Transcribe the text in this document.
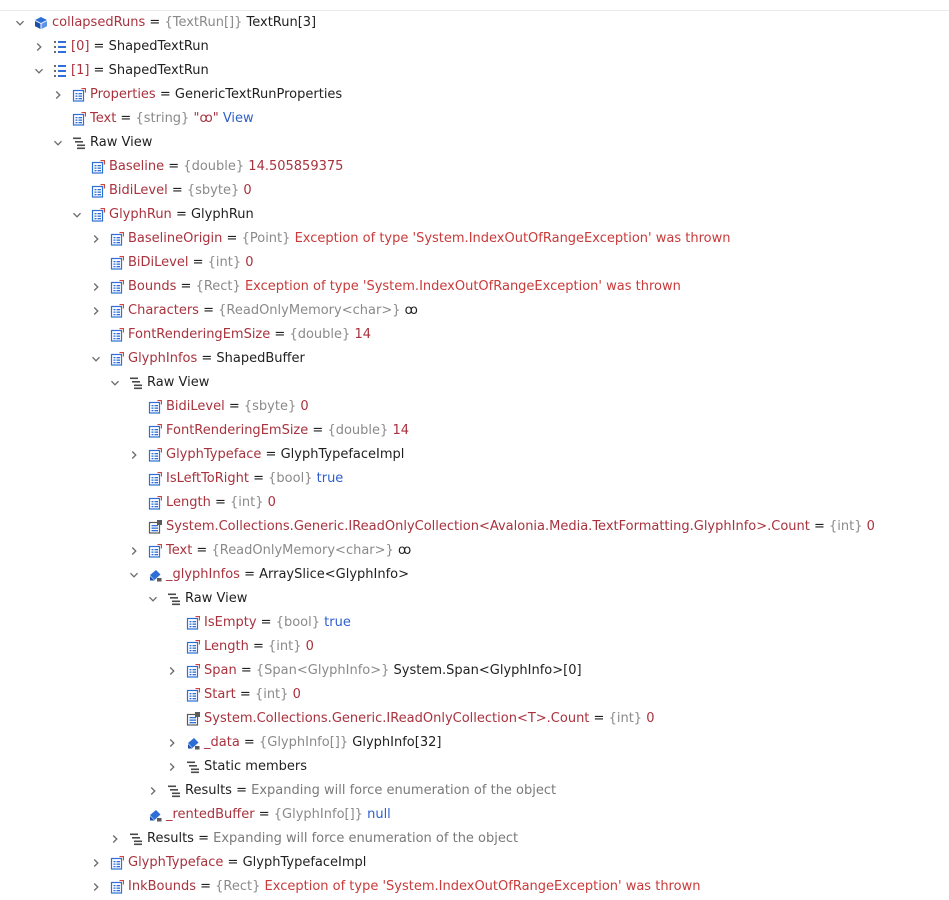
collapsedRuns = {TextRun[]} TextRun[3]
[0] = ShapedTextRun
[1] = ShapedTextRun
Properties = GenericTextRunProperties
Text = {string} "ꝏ" View
Raw View
Baseline = {double} 14.505859375
BidiLevel = {sbyte} 0
GlyphRun = GlyphRun
BaselineOrigin = {Point} Exception of type 'System.IndexOutOfRangeException' was thrown
BiDiLevel = {int} 0
Bounds = {Rect} Exception of type 'System.IndexOutOfRangeException' was thrown
Characters = {ReadOnlyMemory<char>} ꝏ
FontRenderingEmSize = {double} 14
GlyphInfos = ShapedBuffer
Raw View
BidiLevel = {sbyte} 0
FontRenderingEmSize = {double} 14
GlyphTypeface = GlyphTypefaceImpl
IsLeftToRight = {bool} true
Length = {int} 0
System.Collections.Generic.IReadOnlyCollection<Avalonia.Media.TextFormatting.GlyphInfo>.Count = {int} 0
Text = {ReadOnlyMemory<char>} ꝏ
_glyphInfos = ArraySlice<GlyphInfo>
Raw View
IsEmpty = {bool} true
Length = {int} 0
Span = {Span<GlyphInfo>} System.Span<GlyphInfo>[0]
Start = {int} 0
System.Collections.Generic.IReadOnlyCollection<T>.Count = {int} 0
_data = {GlyphInfo[]} GlyphInfo[32]
Static members
Results = Expanding will force enumeration of the object
_rentedBuffer = {GlyphInfo[]} null
Results = Expanding will force enumeration of the object
GlyphTypeface = GlyphTypefaceImpl
InkBounds = {Rect} Exception of type 'System.IndexOutOfRangeException' was thrown
